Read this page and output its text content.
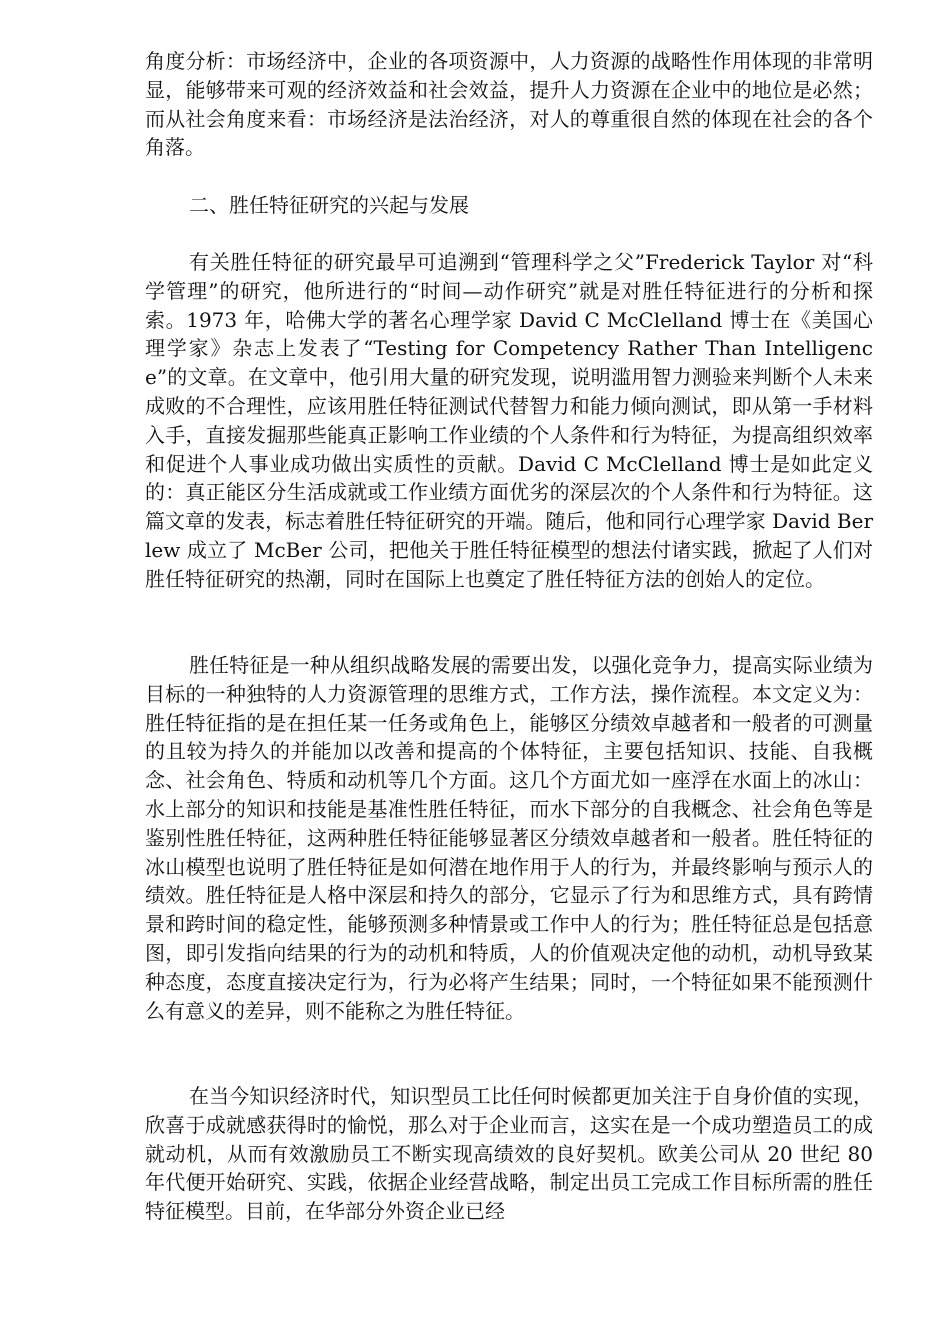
角度分析：市场经济中，企业的各项资源中，人力资源的战略性作用体现的非常明显，能够带来可观的经济效益和社会效益，提升人力资源在企业中的地位是必然；而从社会角度来看：市场经济是法治经济，对人的尊重很自然的体现在社会的各个角落。

二、胜任特征研究的兴起与发展

有关胜任特征的研究最早可追溯到“管理科学之父”Frederick Taylor 对“科学管理”的研究，他所进行的“时间—动作研究”就是对胜任特征进行的分析和探索。1973 年，哈佛大学的著名心理学家 David C McClelland 博士在《美国心理学家》杂志上发表了“Testing for Competency Rather Than Intelligence”的文章。在文章中，他引用大量的研究发现，说明滥用智力测验来判断个人未来成败的不合理性，应该用胜任特征测试代替智力和能力倾向测试，即从第一手材料入手，直接发掘那些能真正影响工作业绩的个人条件和行为特征，为提高组织效率和促进个人事业成功做出实质性的贡献。David C McClelland 博士是如此定义的：真正能区分生活成就或工作业绩方面优劣的深层次的个人条件和行为特征。这篇文章的发表，标志着胜任特征研究的开端。随后，他和同行心理学家 David Berlew 成立了 McBer 公司，把他关于胜任特征模型的想法付诸实践，掀起了人们对胜任特征研究的热潮，同时在国际上也奠定了胜任特征方法的创始人的定位。

胜任特征是一种从组织战略发展的需要出发，以强化竞争力，提高实际业绩为目标的一种独特的人力资源管理的思维方式，工作方法，操作流程。本文定义为：胜任特征指的是在担任某一任务或角色上，能够区分绩效卓越者和一般者的可测量的且较为持久的并能加以改善和提高的个体特征，主要包括知识、技能、自我概念、社会角色、特质和动机等几个方面。这几个方面尤如一座浮在水面上的冰山：水上部分的知识和技能是基准性胜任特征，而水下部分的自我概念、社会角色等是鉴别性胜任特征，这两种胜任特征能够显著区分绩效卓越者和一般者。胜任特征的冰山模型也说明了胜任特征是如何潜在地作用于人的行为，并最终影响与预示人的绩效。胜任特征是人格中深层和持久的部分，它显示了行为和思维方式，具有跨情景和跨时间的稳定性，能够预测多种情景或工作中人的行为；胜任特征总是包括意图，即引发指向结果的行为的动机和特质，人的价值观决定他的动机，动机导致某种态度，态度直接决定行为，行为必将产生结果；同时，一个特征如果不能预测什么有意义的差异，则不能称之为胜任特征。

在当今知识经济时代，知识型员工比任何时候都更加关注于自身价值的实现，欣喜于成就感获得时的愉悦，那么对于企业而言，这实在是一个成功塑造员工的成就动机，从而有效激励员工不断实现高绩效的良好契机。欧美公司从 20 世纪 80 年代便开始研究、实践，依据企业经营战略，制定出员工完成工作目标所需的胜任特征模型。目前，在华部分外资企业已经
